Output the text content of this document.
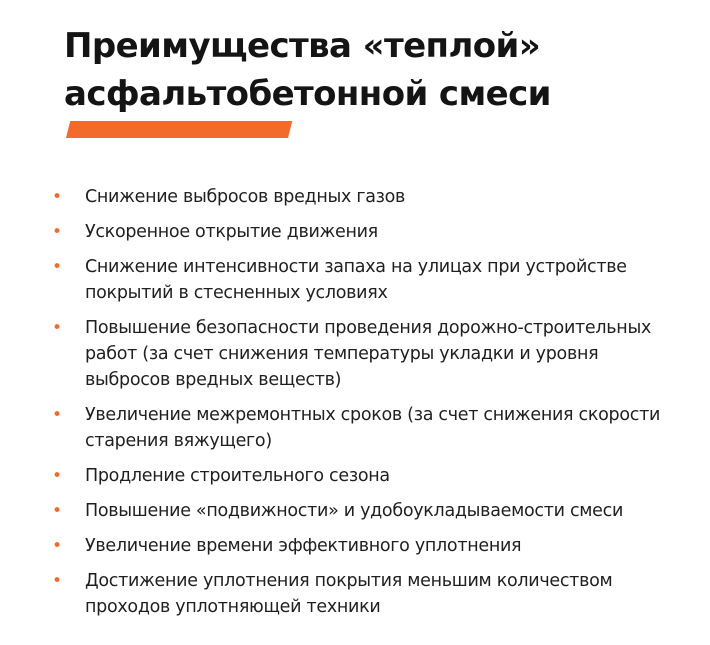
Преимущества «теплой»
асфальтобетонной смеси
• Снижение выбросов вредных газов
• Ускоренное открытие движения
• Снижение интенсивности запаха на улицах при устройстве покрытий в стесненных условиях
• Повышение безопасности проведения дорожно-строительных работ (за счет снижения температуры укладки и уровня выбросов вредных веществ)
• Увеличение межремонтных сроков (за счет снижения скорости старения вяжущего)
• Продление строительного сезона
• Повышение «подвижности» и удобоукладываемости смеси
• Увеличение времени эффективного уплотнения
• Достижение уплотнения покрытия меньшим количеством проходов уплотняющей техники
